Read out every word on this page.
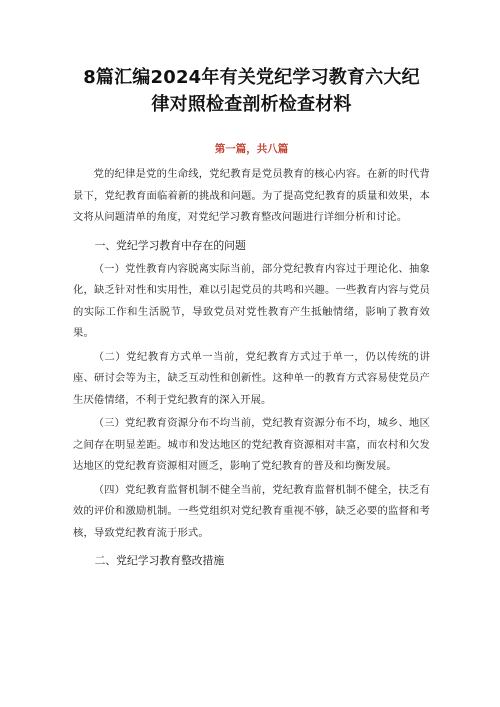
8篇汇编2024年有关党纪学习教育六大纪
律对照检查剖析检查材料

第一篇，共八篇

党的纪律是党的生命线，党纪教育是党员教育的核心内容。在新的时代背景下，党纪教育面临着新的挑战和问题。为了提高党纪教育的质量和效果，本文将从问题清单的角度，对党纪学习教育整改问题进行详细分析和讨论。

一、党纪学习教育中存在的问题

（一）党性教育内容脱离实际当前，部分党纪教育内容过于理论化、抽象化，缺乏针对性和实用性，难以引起党员的共鸣和兴趣。一些教育内容与党员的实际工作和生活脱节，导致党员对党性教育产生抵触情绪，影响了教育效果。

（二）党纪教育方式单一当前，党纪教育方式过于单一，仍以传统的讲座、研讨会等为主，缺乏互动性和创新性。这种单一的教育方式容易使党员产生厌倦情绪，不利于党纪教育的深入开展。

（三）党纪教育资源分布不均当前，党纪教育资源分布不均，城乡、地区之间存在明显差距。城市和发达地区的党纪教育资源相对丰富，而农村和欠发达地区的党纪教育资源相对匮乏，影响了党纪教育的普及和均衡发展。

（四）党纪教育监督机制不健全当前，党纪教育监督机制不健全，扶乏有效的评价和激励机制。一些党组织对党纪教育重视不够，缺乏必要的监督和考核，导致党纪教育流于形式。

二、党纪学习教育整改措施
